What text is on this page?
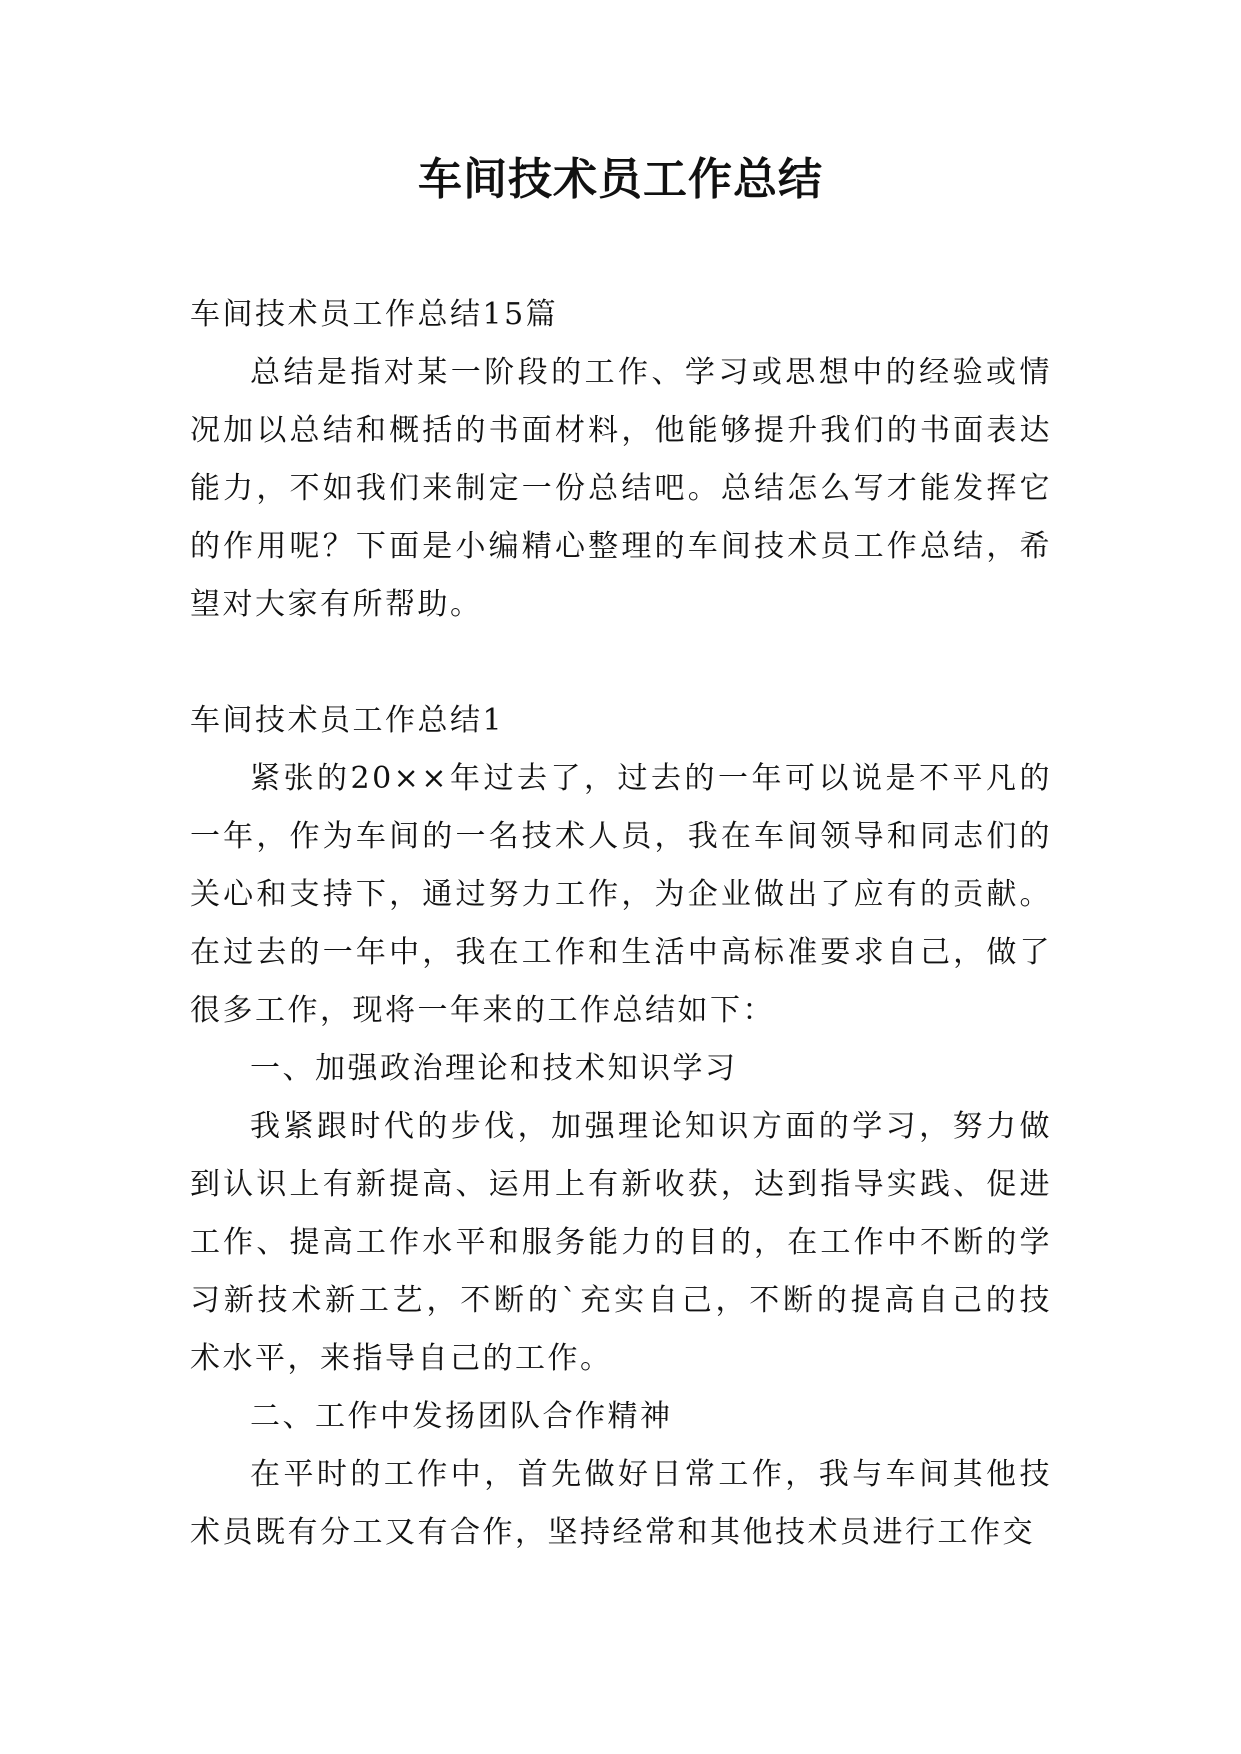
车间技术员工作总结

车间技术员工作总结15篇

总结是指对某一阶段的工作、学习或思想中的经验或情况加以总结和概括的书面材料，他能够提升我们的书面表达能力，不如我们来制定一份总结吧。总结怎么写才能发挥它的作用呢？下面是小编精心整理的车间技术员工作总结，希望对大家有所帮助。

车间技术员工作总结1

紧张的20××年过去了，过去的一年可以说是不平凡的一年，作为车间的一名技术人员，我在车间领导和同志们的关心和支持下，通过努力工作，为企业做出了应有的贡献。在过去的一年中，我在工作和生活中高标准要求自己，做了很多工作，现将一年来的工作总结如下：

一、加强政治理论和技术知识学习

我紧跟时代的步伐，加强理论知识方面的学习，努力做到认识上有新提高、运用上有新收获，达到指导实践、促进工作、提高工作水平和服务能力的目的，在工作中不断的学习新技术新工艺，不断的`充实自己，不断的提高自己的技术水平，来指导自己的工作。

二、工作中发扬团队合作精神

在平时的工作中，首先做好日常工作，我与车间其他技术员既有分工又有合作，坚持经常和其他技术员进行工作交
